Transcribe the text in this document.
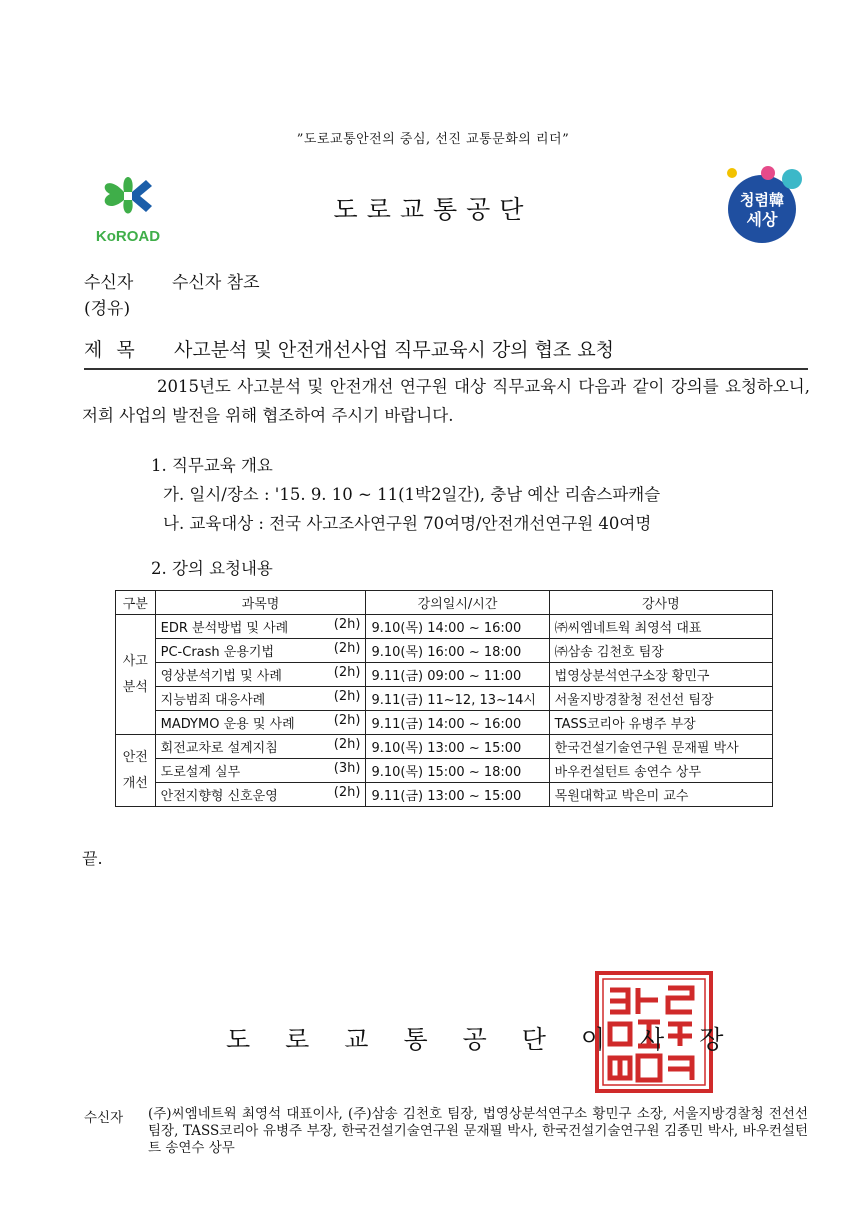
”도로교통안전의 중심, 선진 교통문화의 리더”
KoROAD
도로교통공단	청렴韓
세상
수신자 수신자 참조
(경유)
제목 사고분석 및 안전개선사업 직무교육시 강의 협조 요청
2015년도 사고분석 및 안전개선 연구원 대상 직무교육시 다음과 같이 강의를 요청하오니, 저희 사업의 발전을 위해 협조하여 주시기 바랍니다.
1. 직무교육 개요
가. 일시/장소 : '15. 9. 10 ~ 11(1박2일간), 충남 예산 리솜스파캐슬
나. 교육대상 : 전국 사고조사연구원 70여명/안전개선연구원 40여명
2. 강의 요청내용
구분	과목명	강의일시/시간	강사명
사고 분석	EDR 분석방법 및 사례 (2h)	9.10(목) 14:00 ~ 16:00	㈜씨엠네트웍 최영석 대표

	PC-Crash 운용기법 (2h)	9.10(목) 16:00 ~ 18:00	㈜삼송 김천호 팀장

	영상분석기법 및 사례 (2h)	9.11(금) 09:00 ~ 11:00	법영상분석연구소장 황민구

	지능범죄 대응사례 (2h)	9.11(금) 11~12, 13~14시	서울지방경찰청 전선선 팀장

	MADYMO 운용 및 사례 (2h)	9.11(금) 14:00 ~ 16:00	TASS코리아 유병주 부장
안전 개선	회전교차로 설계지침 (2h)	9.10(목) 13:00 ~ 15:00	한국건설기술연구원 문재필 박사

	도로설계 실무 (3h)	9.10(목) 15:00 ~ 18:00	바우컨설턴트 송연수 상무

	안전지향형 신호운영 (2h)	9.11(금) 13:00 ~ 15:00	목원대학교 박은미 교수
끝.
도로교통공단이사장
수신자 (주)씨엠네트웍 최영석 대표이사, (주)삼송 김천호 팀장, 법영상분석연구소 황민구 소장, 서울지방경찰청 전선선 팀장, TASS코리아 유병주 부장, 한국건설기술연구원 문재필 박사, 한국건설기술연구원 김종민 박사, 바우컨설턴트 송연수 상무
